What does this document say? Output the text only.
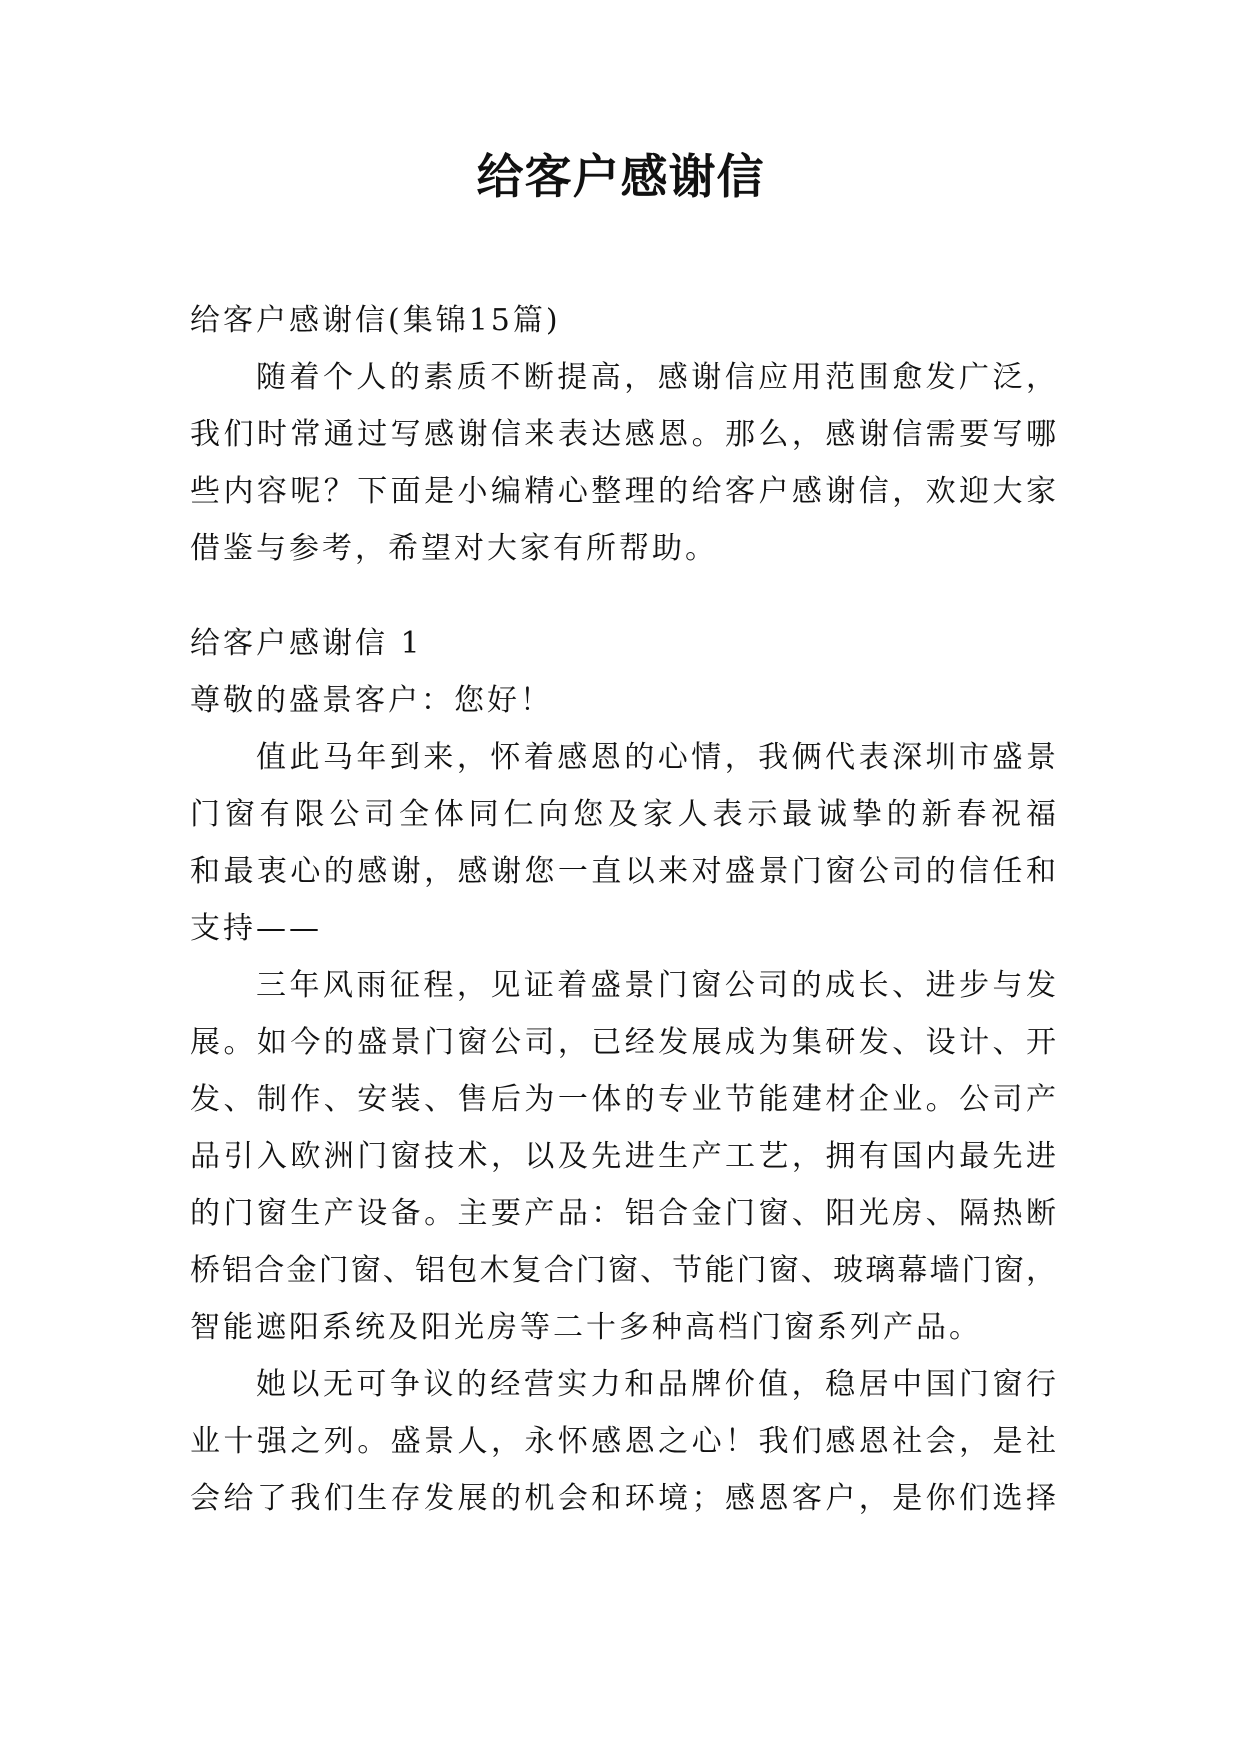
给客户感谢信
给客户感谢信(集锦15篇)
随着个人的素质不断提高，感谢信应用范围愈发广泛，
我们时常通过写感谢信来表达感恩。那么，感谢信需要写哪
些内容呢？下面是小编精心整理的给客户感谢信，欢迎大家
借鉴与参考，希望对大家有所帮助。
给客户感谢信 1
尊敬的盛景客户：您好！
值此马年到来，怀着感恩的心情，我俩代表深圳市盛景
门窗有限公司全体同仁向您及家人表示最诚挚的新春祝福
和最衷心的感谢，感谢您一直以来对盛景门窗公司的信任和
支持——
三年风雨征程，见证着盛景门窗公司的成长、进步与发
展。如今的盛景门窗公司，已经发展成为集研发、设计、开
发、制作、安装、售后为一体的专业节能建材企业。公司产
品引入欧洲门窗技术，以及先进生产工艺，拥有国内最先进
的门窗生产设备。主要产品：铝合金门窗、阳光房、隔热断
桥铝合金门窗、铝包木复合门窗、节能门窗、玻璃幕墙门窗，
智能遮阳系统及阳光房等二十多种高档门窗系列产品。
她以无可争议的经营实力和品牌价值，稳居中国门窗行
业十强之列。盛景人，永怀感恩之心！我们感恩社会，是社
会给了我们生存发展的机会和环境；感恩客户，是你们选择
